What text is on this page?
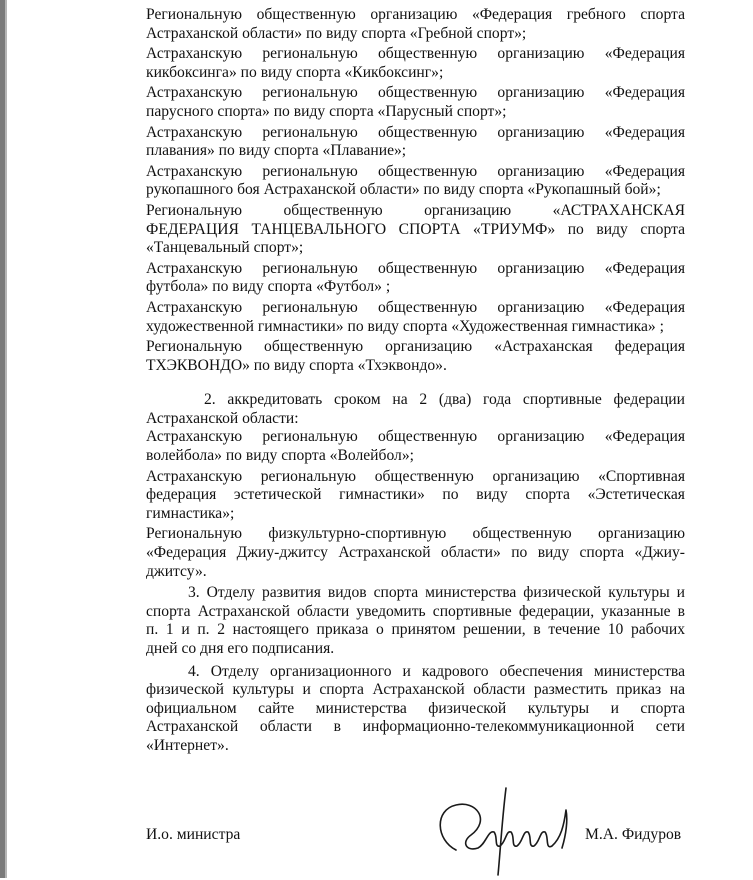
Региональную общественную организацию «Федерация гребного спорта

Астраханской области» по виду спорта «Гребной спорт»;

Астраханскую региональную общественную организацию «Федерация

кикбоксинга» по виду спорта «Кикбоксинг»;

Астраханскую региональную общественную организацию «Федерация

парусного спорта» по виду спорта «Парусный спорт»;

Астраханскую региональную общественную организацию «Федерация

плавания» по виду спорта «Плавание»;

Астраханскую региональную общественную организацию «Федерация

рукопашного боя Астраханской области» по виду спорта «Рукопашный бой»;

Региональную общественную организацию «АСТРАХАНСКАЯ

ФЕДЕРАЦИЯ ТАНЦЕВАЛЬНОГО СПОРТА «ТРИУМФ» по виду спорта

«Танцевальный спорт»;

Астраханскую региональную общественную организацию «Федерация

футбола» по виду спорта «Футбол» ;

Астраханскую региональную общественную организацию «Федерация

художественной гимнастики» по виду спорта «Художественная гимнастика» ;

Региональную общественную организацию «Астраханская федерация

ТХЭКВОНДО» по виду спорта «Тхэквондо».

2. аккредитовать сроком на 2 (два) года спортивные федерации

Астраханской области:

Астраханскую региональную общественную организацию «Федерация

волейбола» по виду спорта «Волейбол»;

Астраханскую региональную общественную организацию «Спортивная

федерация эстетической гимнастики» по виду спорта «Эстетическая

гимнастика»;

Региональную физкультурно-спортивную общественную организацию

«Федерация Джиу-джитсу Астраханской области» по виду спорта «Джиу-

джитсу».

3. Отделу развития видов спорта министерства физической культуры и

спорта Астраханской области уведомить спортивные федерации, указанные в

п. 1 и п. 2 настоящего приказа о принятом решении, в течение 10 рабочих

дней со дня его подписания.

4. Отделу организационного и кадрового обеспечения министерства

физической культуры и спорта Астраханской области разместить приказ на

официальном сайте министерства физической культуры и спорта

Астраханской области в информационно-телекоммуникационной сети

«Интернет».

И.о. министра	М.А. Фидуров
